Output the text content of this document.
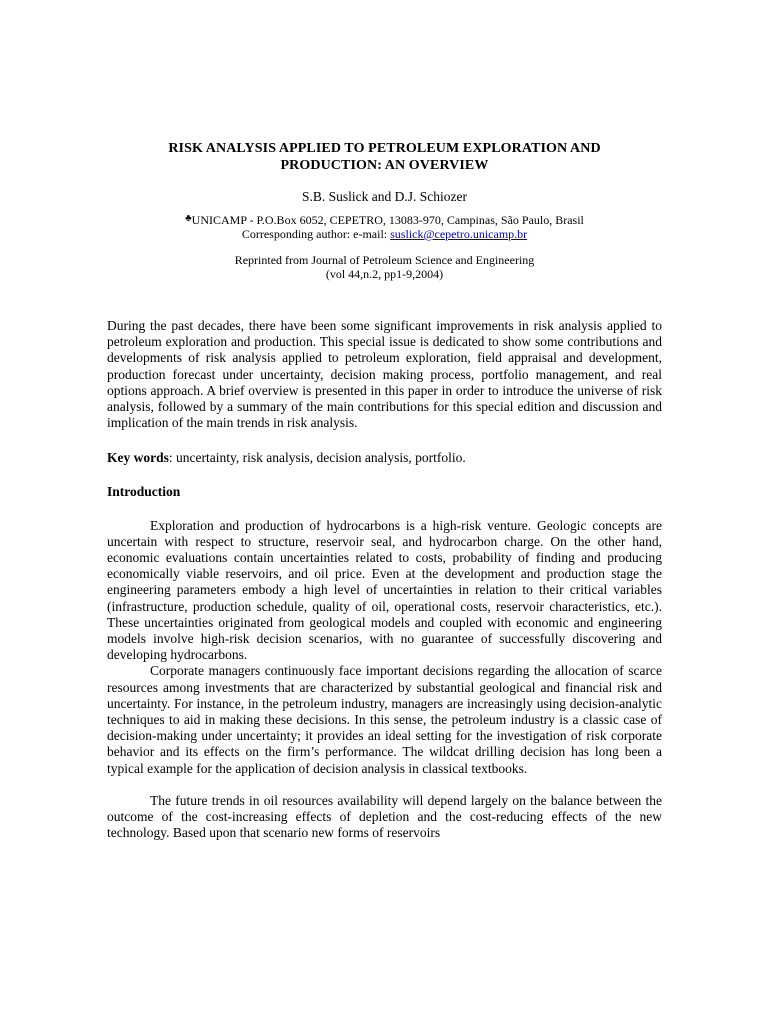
RISK ANALYSIS APPLIED TO PETROLEUM EXPLORATION AND
PRODUCTION: AN OVERVIEW
S.B. Suslick and D.J. Schiozer
♣UNICAMP - P.O.Box 6052, CEPETRO, 13083-970, Campinas, São Paulo, Brasil
Corresponding author: e-mail: suslick@cepetro.unicamp.br
Reprinted from Journal of Petroleum Science and Engineering
(vol 44,n.2, pp1-9,2004)

During the past decades, there have been some significant improvements in risk analysis applied to petroleum exploration and production. This special issue is dedicated to show some contributions and developments of risk analysis applied to petroleum exploration, field appraisal and development, production forecast under uncertainty, decision making process, portfolio management, and real options approach. A brief overview is presented in this paper in order to introduce the universe of risk analysis, followed by a summary of the main contributions for this special edition and discussion and implication of the main trends in risk analysis.

Key words: uncertainty, risk analysis, decision analysis, portfolio.

Introduction

Exploration and production of hydrocarbons is a high-risk venture. Geologic concepts are uncertain with respect to structure, reservoir seal, and hydrocarbon charge. On the other hand, economic evaluations contain uncertainties related to costs, probability of finding and producing economically viable reservoirs, and oil price. Even at the development and production stage the engineering parameters embody a high level of uncertainties in relation to their critical variables (infrastructure, production schedule, quality of oil, operational costs, reservoir characteristics, etc.). These uncertainties originated from geological models and coupled with economic and engineering models involve high-risk decision scenarios, with no guarantee of successfully discovering and developing hydrocarbons.

Corporate managers continuously face important decisions regarding the allocation of scarce resources among investments that are characterized by substantial geological and financial risk and uncertainty. For instance, in the petroleum industry, managers are increasingly using decision-analytic techniques to aid in making these decisions. In this sense, the petroleum industry is a classic case of decision-making under uncertainty; it provides an ideal setting for the investigation of risk corporate behavior and its effects on the firm’s performance. The wildcat drilling decision has long been a typical example for the application of decision analysis in classical textbooks.

The future trends in oil resources availability will depend largely on the balance between the outcome of the cost-increasing effects of depletion and the cost-reducing effects of the new technology. Based upon that scenario new forms of reservoirs
